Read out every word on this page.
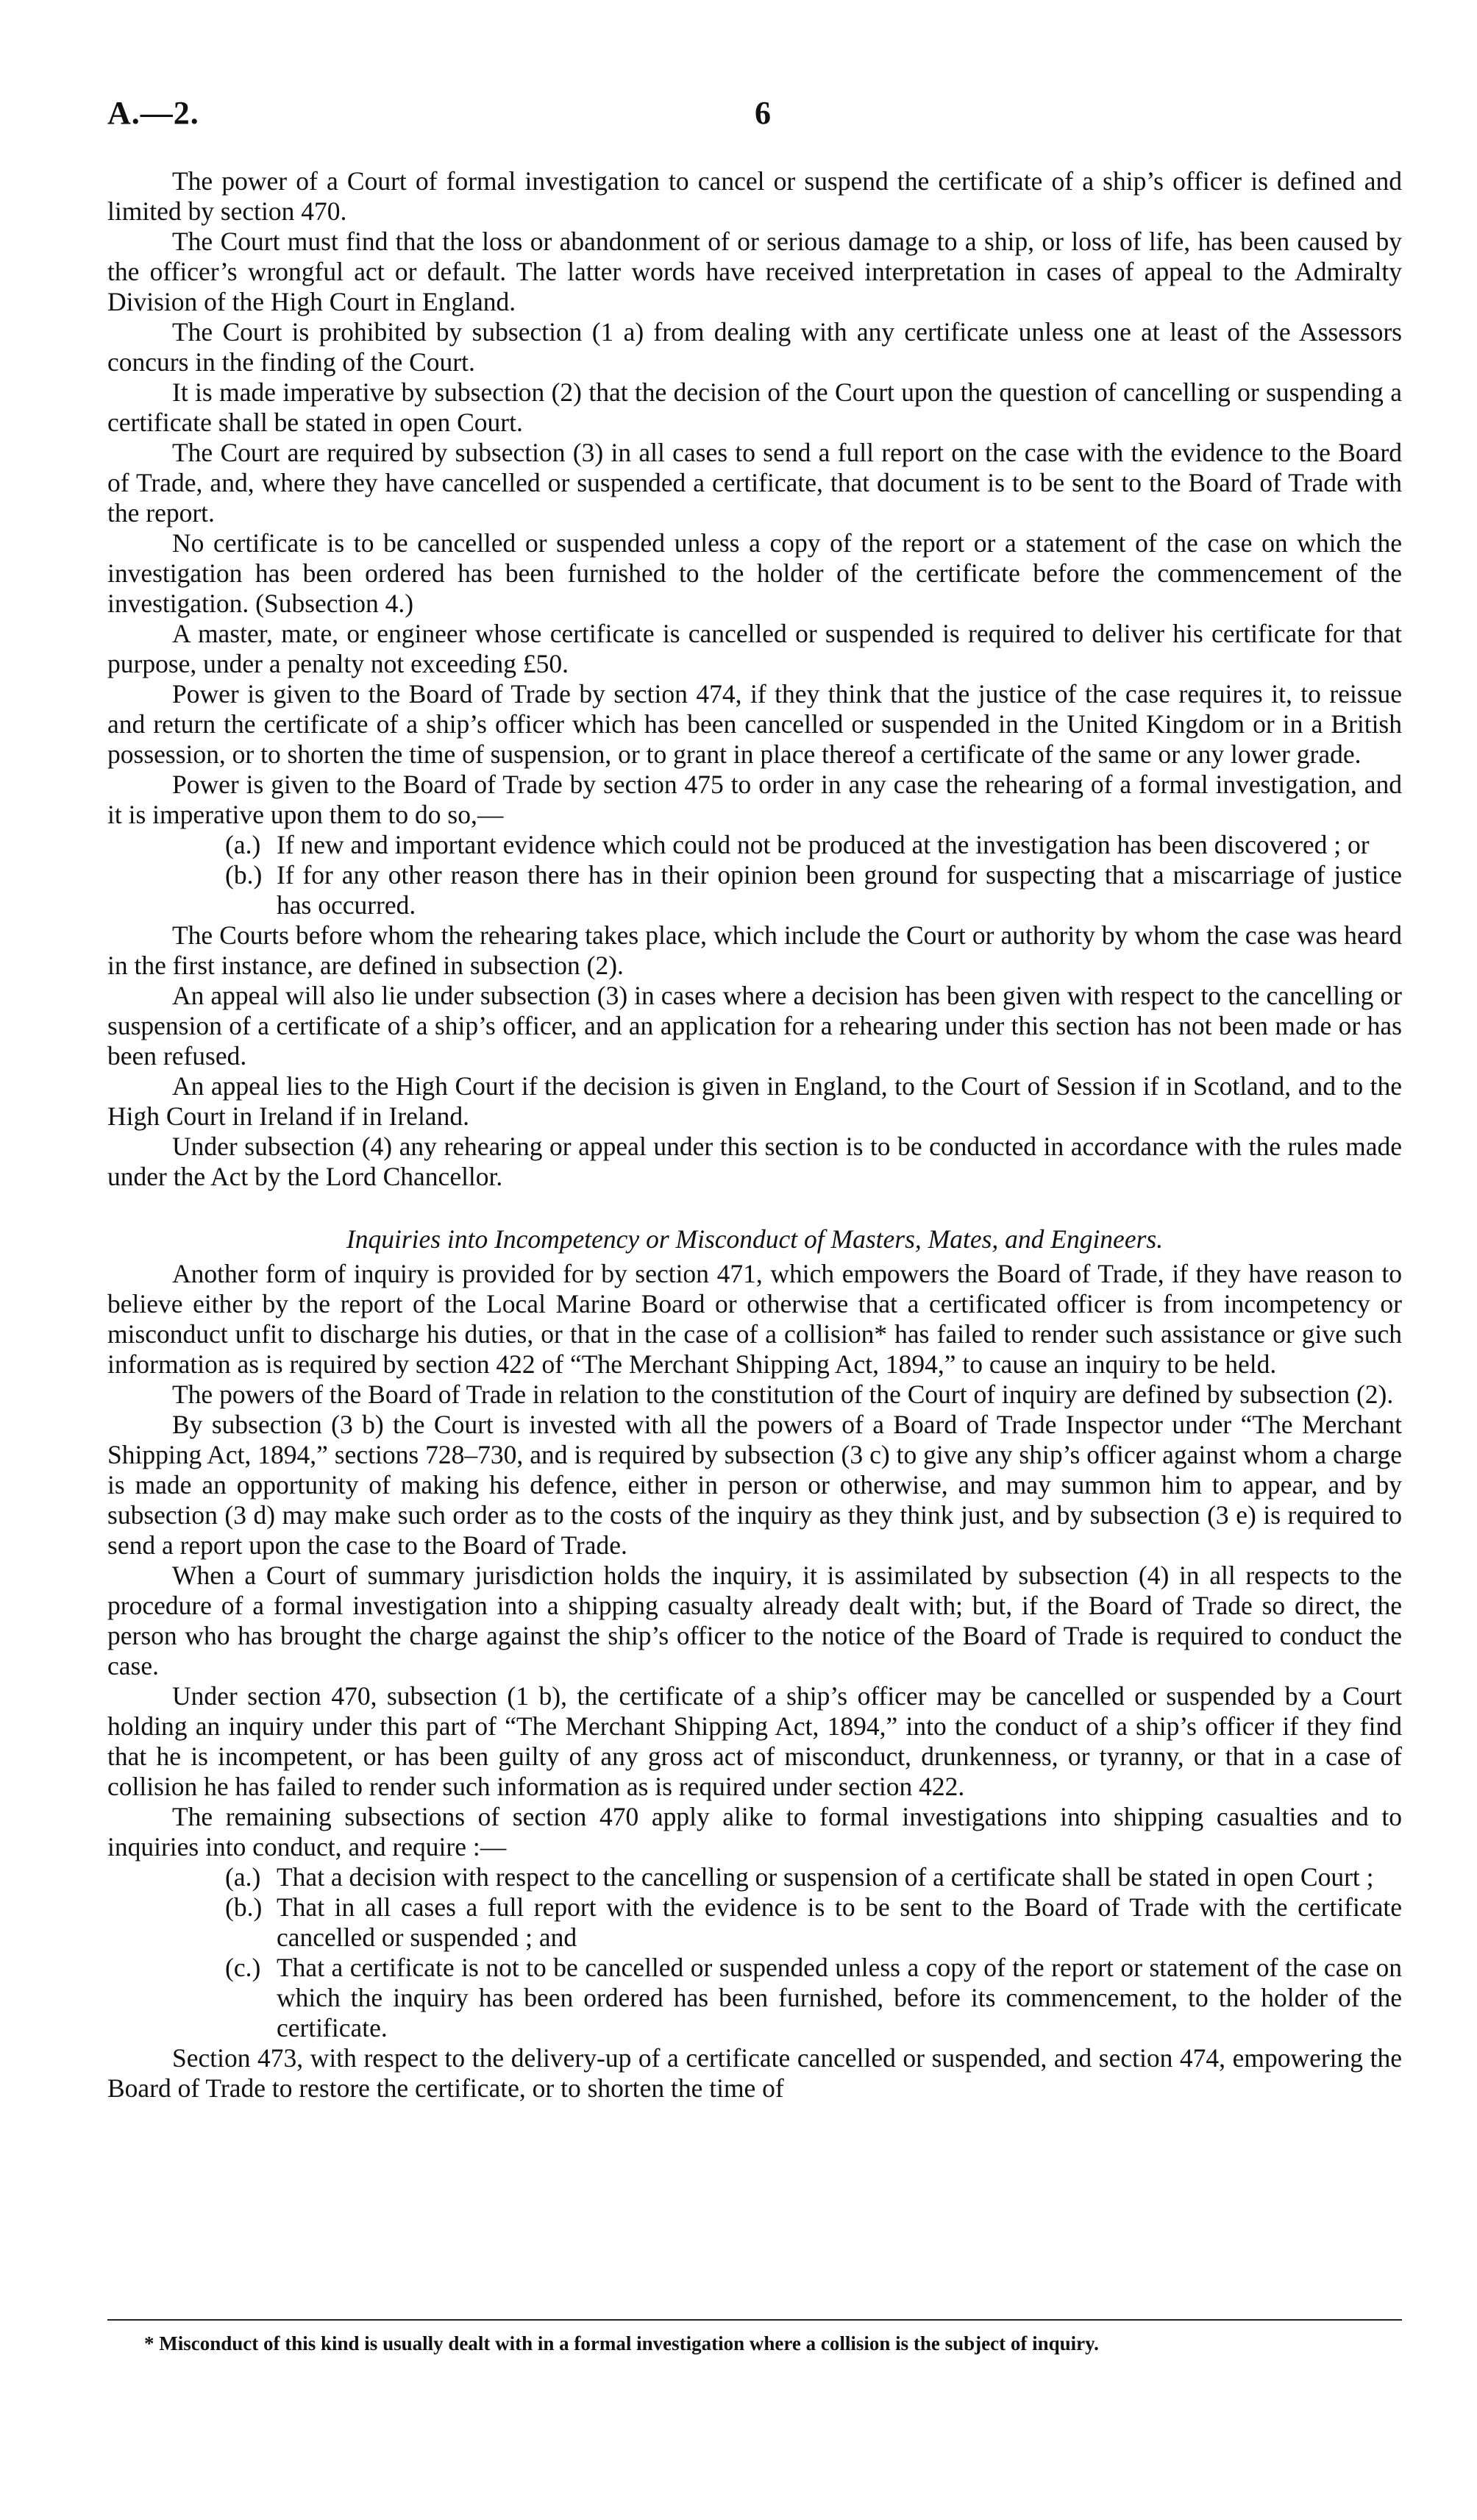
A.—2.	6

The power of a Court of formal investigation to cancel or suspend the certificate of a ship’s officer is defined and limited by section 470.

The Court must find that the loss or abandonment of or serious damage to a ship, or loss of life, has been caused by the officer’s wrongful act or default. The latter words have received interpretation in cases of appeal to the Admiralty Division of the High Court in England.

The Court is prohibited by subsection (1 a) from dealing with any certificate unless one at least of the Assessors concurs in the finding of the Court.

It is made imperative by subsection (2) that the decision of the Court upon the question of cancelling or suspending a certificate shall be stated in open Court.

The Court are required by subsection (3) in all cases to send a full report on the case with the evidence to the Board of Trade, and, where they have cancelled or suspended a certificate, that document is to be sent to the Board of Trade with the report.

No certificate is to be cancelled or suspended unless a copy of the report or a statement of the case on which the investigation has been ordered has been furnished to the holder of the certificate before the commencement of the investigation. (Subsection 4.)

A master, mate, or engineer whose certificate is cancelled or suspended is required to deliver his certificate for that purpose, under a penalty not exceeding £50.

Power is given to the Board of Trade by section 474, if they think that the justice of the case requires it, to reissue and return the certificate of a ship’s officer which has been cancelled or suspended in the United Kingdom or in a British possession, or to shorten the time of suspension, or to grant in place thereof a certificate of the same or any lower grade.

Power is given to the Board of Trade by section 475 to order in any case the rehearing of a formal investigation, and it is imperative upon them to do so,—

(a.) If new and important evidence which could not be produced at the investigation has been discovered ; or
(b.) If for any other reason there has in their opinion been ground for suspecting that a miscarriage of justice has occurred.

The Courts before whom the rehearing takes place, which include the Court or authority by whom the case was heard in the first instance, are defined in subsection (2).

An appeal will also lie under subsection (3) in cases where a decision has been given with respect to the cancelling or suspension of a certificate of a ship’s officer, and an application for a rehearing under this section has not been made or has been refused.

An appeal lies to the High Court if the decision is given in England, to the Court of Session if in Scotland, and to the High Court in Ireland if in Ireland.

Under subsection (4) any rehearing or appeal under this section is to be conducted in accordance with the rules made under the Act by the Lord Chancellor.

Inquiries into Incompetency or Misconduct of Masters, Mates, and Engineers.

Another form of inquiry is provided for by section 471, which empowers the Board of Trade, if they have reason to believe either by the report of the Local Marine Board or otherwise that a certificated officer is from incompetency or misconduct unfit to discharge his duties, or that in the case of a collision* has failed to render such assistance or give such information as is required by section 422 of “The Merchant Shipping Act, 1894,” to cause an inquiry to be held.

The powers of the Board of Trade in relation to the constitution of the Court of inquiry are defined by subsection (2).

By subsection (3 b) the Court is invested with all the powers of a Board of Trade Inspector under “The Merchant Shipping Act, 1894,” sections 728–730, and is required by subsection (3 c) to give any ship’s officer against whom a charge is made an opportunity of making his defence, either in person or otherwise, and may summon him to appear, and by subsection (3 d) may make such order as to the costs of the inquiry as they think just, and by subsection (3 e) is required to send a report upon the case to the Board of Trade.

When a Court of summary jurisdiction holds the inquiry, it is assimilated by subsection (4) in all respects to the procedure of a formal investigation into a shipping casualty already dealt with; but, if the Board of Trade so direct, the person who has brought the charge against the ship’s officer to the notice of the Board of Trade is required to conduct the case.

Under section 470, subsection (1 b), the certificate of a ship’s officer may be cancelled or suspended by a Court holding an inquiry under this part of “The Merchant Shipping Act, 1894,” into the conduct of a ship’s officer if they find that he is incompetent, or has been guilty of any gross act of misconduct, drunkenness, or tyranny, or that in a case of collision he has failed to render such information as is required under section 422.

The remaining subsections of section 470 apply alike to formal investigations into shipping casualties and to inquiries into conduct, and require :—

(a.) That a decision with respect to the cancelling or suspension of a certificate shall be stated in open Court ;
(b.) That in all cases a full report with the evidence is to be sent to the Board of Trade with the certificate cancelled or suspended ; and
(c.) That a certificate is not to be cancelled or suspended unless a copy of the report or statement of the case on which the inquiry has been ordered has been furnished, before its commencement, to the holder of the certificate.

Section 473, with respect to the delivery-up of a certificate cancelled or suspended, and section 474, empowering the Board of Trade to restore the certificate, or to shorten the time of

* Misconduct of this kind is usually dealt with in a formal investigation where a collision is the subject of inquiry.
